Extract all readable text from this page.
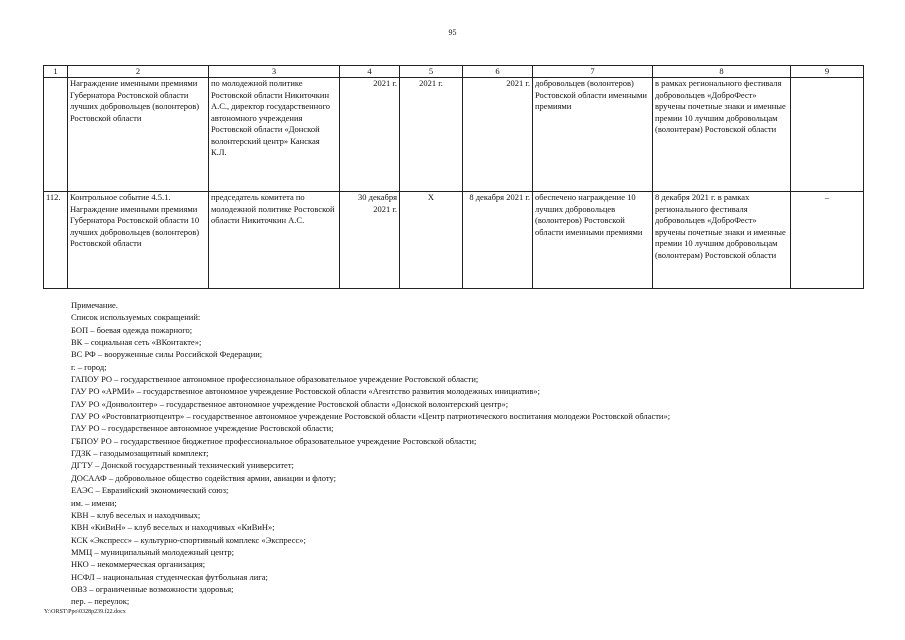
95
1	2	3	4	5	6	7	8	9
	Награждение именными премиями Губернатора Ростовской области лучших добровольцев (волонтеров) Ростовской области	по молодежной политике Ростовской области Никиточкин А.С., директор государственного автономного учреждения Ростовской области «Донской волонтерский центр» Канская К.Л.	2021 г.	2021 г.	2021 г.	добровольцев (волонтеров) Ростовской области именными премиями	в рамках регионального фестиваля добровольцев «ДоброФест» вручены почетные знаки и именные премии 10 лучшим добровольцам (волонтерам) Ростовской области	
112.	Контрольное событие 4.5.1. Награждение именными премиями Губернатора Ростовской области 10 лучших добровольцев (волонтеров) Ростовской области	председатель комитета по молодежной политике Ростовской области Никиточкин А.С.	30 декабря 2021 г.	Х	8 декабря 2021 г.	обеспечено награждение 10 лучших добровольцев (волонтеров) Ростовской области именными премиями	8 декабря 2021 г. в рамках регионального фестиваля добровольцев «ДоброФест» вручены почетные знаки и именные премии 10 лучшим добровольцам (волонтерам) Ростовской области	–
Примечание.
Список используемых сокращений:
БОП – боевая одежда пожарного;
ВК – социальная сеть «ВКонтакте»;
ВС РФ – вооруженные силы Российской Федерации;
г. – город;
ГАПОУ РО – государственное автономное профессиональное образовательное учреждение Ростовской области;
ГАУ РО «АРМИ» – государственное автономное учреждение Ростовской области «Агентство развития молодежных инициатив»;
ГАУ РО «Донволонтер» – государственное автономное учреждение Ростовской области «Донской волонтерский центр»;
ГАУ РО «Ростовпатриотцентр» – государственное автономное учреждение Ростовской области «Центр патриотического воспитания молодежи Ростовской области»;
ГАУ РО – государственное автономное учреждение Ростовской области;
ГБПОУ РО – государственное бюджетное профессиональное образовательное учреждение Ростовской области;
ГДЗК – газодымозащитный комплект;
ДГТУ – Донской государственный технический университет;
ДОСААФ – добровольное общество содействия армии, авиации и флоту;
ЕАЭС – Евразийский экономический союз;
им. – имени;
КВН – клуб веселых и находчивых;
КВН «КиВиН» – клуб веселых и находчивых «КиВиН»;
КСК «Экспресс» – культурно-спортивный комплекс «Экспресс»;
ММЦ – муниципальный молодежный центр;
НКО – некоммерческая организация;
НСФЛ – национальная студенческая футбольная лига;
ОВЗ – ограниченные возможности здоровья;
пер. – переулок;
Y:\ORST\Ppo\0328p239.f22.docx
